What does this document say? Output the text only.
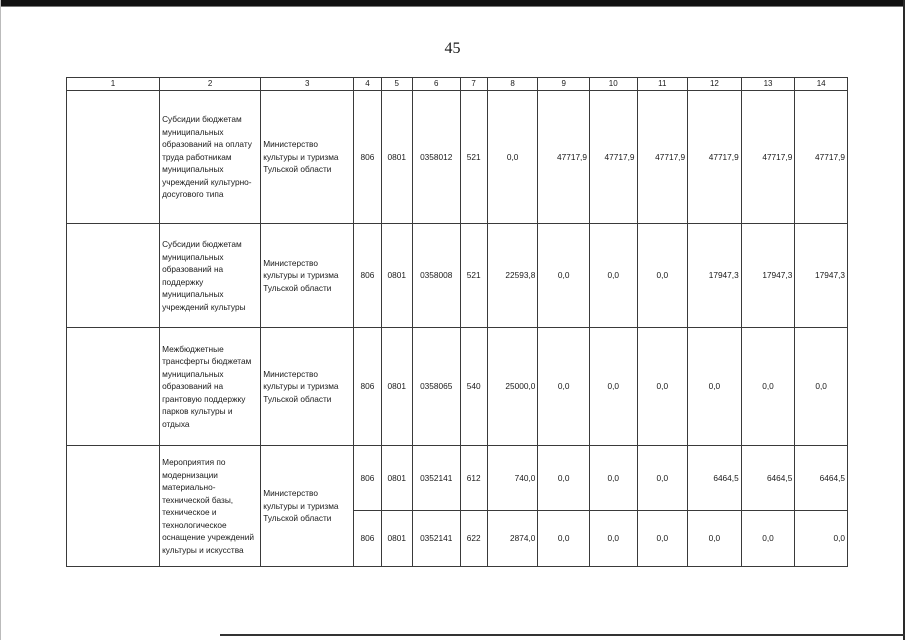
45
1	2	3	4	5	6	7	8	9	10	11	12	13	14
	Субсидии бюджетам муниципальных образований на оплату труда работникам муниципальных учреждений культурно-досугового типа	Министерство культуры и туризма Тульской области	806	0801	0358012	521	0,0	47717,9	47717,9	47717,9	47717,9	47717,9	47717,9
	Субсидии бюджетам муниципальных образований на поддержку муниципальных учреждений культуры	Министерство культуры и туризма Тульской области	806	0801	0358008	521	22593,8	0,0	0,0	0,0	17947,3	17947,3	17947,3
	Межбюджетные трансферты бюджетам муниципальных образований на грантовую поддержку парков культуры и отдыха	Министерство культуры и туризма Тульской области	806	0801	0358065	540	25000,0	0,0	0,0	0,0	0,0	0,0	0,0
	Мероприятия по модернизации материально-технической базы, техническое и технологическое оснащение учреждений культуры и искусства	Министерство культуры и туризма Тульской области	806	0801	0352141	612	740,0	0,0	0,0	0,0	6464,5	6464,5	6464,5
			806	0801	0352141	622	2874,0	0,0	0,0	0,0	0,0	0,0	0,0
